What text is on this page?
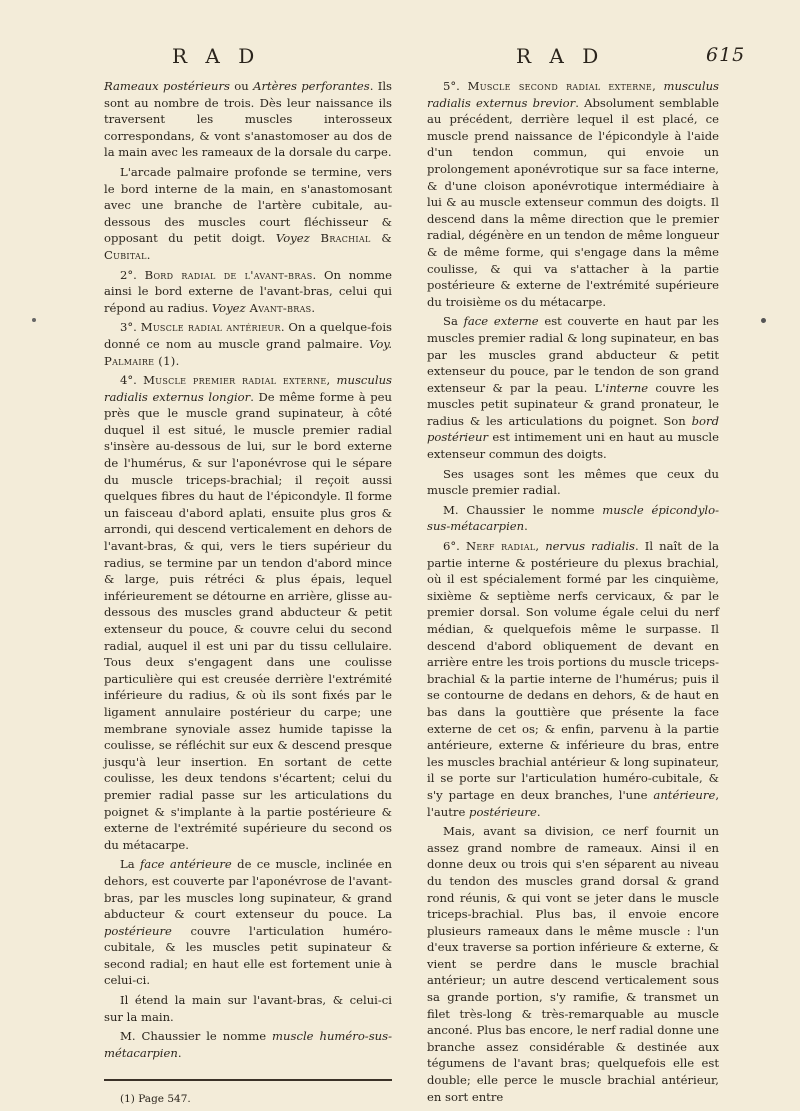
R A D	R A D	615

Rameaux postérieurs ou Artères perforantes. Ils sont au nombre de trois. Dès leur naissance ils traversent les muscles interosseux correspondans, & vont s'anastomoser au dos de la main avec les rameaux de la dorsale du carpe.

L'arcade palmaire profonde se termine, vers le bord interne de la main, en s'anastomosant avec une branche de l'artère cubitale, au-dessous des muscles court fléchisseur & opposant du petit doigt. Voyez Brachial & Cubital.

2°. Bord radial de l'avant-bras. On nomme ainsi le bord externe de l'avant-bras, celui qui répond au radius. Voyez Avant-bras.

3°. Muscle radial antérieur. On a quelque-fois donné ce nom au muscle grand palmaire. Voy. Palmaire (1).

4°. Muscle premier radial externe, musculus radialis externus longior. De même forme à peu près que le muscle grand supinateur, à côté duquel il est situé, le muscle premier radial s'insère au-dessous de lui, sur le bord externe de l'humérus, & sur l'aponévrose qui le sépare du muscle triceps-brachial; il reçoit aussi quelques fibres du haut de l'épicondyle. Il forme un faisceau d'abord aplati, ensuite plus gros & arrondi, qui descend verticalement en dehors de l'avant-bras, & qui, vers le tiers supérieur du radius, se termine par un tendon d'abord mince & large, puis rétréci & plus épais, lequel inférieurement se détourne en arrière, glisse au-dessous des muscles grand abducteur & petit extenseur du pouce, & couvre celui du second radial, auquel il est uni par du tissu cellulaire. Tous deux s'engagent dans une coulisse particulière qui est creusée derrière l'extrémité inférieure du radius, & où ils sont fixés par le ligament annulaire postérieur du carpe; une membrane synoviale assez humide tapisse la coulisse, se réfléchit sur eux & descend presque jusqu'à leur insertion. En sortant de cette coulisse, les deux tendons s'écartent; celui du premier radial passe sur les articulations du poignet & s'implante à la partie postérieure & externe de l'extrémité supérieure du second os du métacarpe.

La face antérieure de ce muscle, inclinée en dehors, est couverte par l'aponévrose de l'avant-bras, par les muscles long supinateur, & grand abducteur & court extenseur du pouce. La postérieure couvre l'articulation huméro-cubitale, & les muscles petit supinateur & second radial; en haut elle est fortement unie à celui-ci.

Il étend la main sur l'avant-bras, & celui-ci sur la main.

M. Chaussier le nomme muscle huméro-sus-métacarpien.

(1) Page 547.

5°. Muscle second radial externe, musculus radialis externus brevior. Absolument semblable au précédent, derrière lequel il est placé, ce muscle prend naissance de l'épicondyle à l'aide d'un tendon commun, qui envoie un prolongement aponévrotique sur sa face interne, & d'une cloison aponévrotique intermédiaire à lui & au muscle extenseur commun des doigts. Il descend dans la même direction que le premier radial, dégénère en un tendon de même longueur & de même forme, qui s'engage dans la même coulisse, & qui va s'attacher à la partie postérieure & externe de l'extrémité supérieure du troisième os du métacarpe.

Sa face externe est couverte en haut par les muscles premier radial & long supinateur, en bas par les muscles grand abducteur & petit extenseur du pouce, par le tendon de son grand extenseur & par la peau. L'interne couvre les muscles petit supinateur & grand pronateur, le radius & les articulations du poignet. Son bord postérieur est intimement uni en haut au muscle extenseur commun des doigts.

Ses usages sont les mêmes que ceux du muscle premier radial.

M. Chaussier le nomme muscle épicondylo-sus-métacarpien.

6°. Nerf radial, nervus radialis. Il naît de la partie interne & postérieure du plexus brachial, où il est spécialement formé par les cinquième, sixième & septième nerfs cervicaux, & par le premier dorsal. Son volume égale celui du nerf médian, & quelquefois même le surpasse. Il descend d'abord obliquement de devant en arrière entre les trois portions du muscle triceps-brachial & la partie interne de l'humérus; puis il se contourne de dedans en dehors, & de haut en bas dans la gouttière que présente la face externe de cet os; & enfin, parvenu à la partie antérieure, externe & inférieure du bras, entre les muscles brachial antérieur & long supinateur, il se porte sur l'articulation huméro-cubitale, & s'y partage en deux branches, l'une antérieure, l'autre postérieure.

Mais, avant sa division, ce nerf fournit un assez grand nombre de rameaux. Ainsi il en donne deux ou trois qui s'en séparent au niveau du tendon des muscles grand dorsal & grand rond réunis, & qui vont se jeter dans le muscle triceps-brachial. Plus bas, il envoie encore plusieurs rameaux dans le même muscle : l'un d'eux traverse sa portion inférieure & externe, & vient se perdre dans le muscle brachial antérieur; un autre descend verticalement sous sa grande portion, s'y ramifie, & transmet un filet très-long & très-remarquable au muscle anconé. Plus bas encore, le nerf radial donne une branche assez considérable & destinée aux tégumens de l'avant bras; quelquefois elle est double; elle perce le muscle brachial antérieur, en sort entre
